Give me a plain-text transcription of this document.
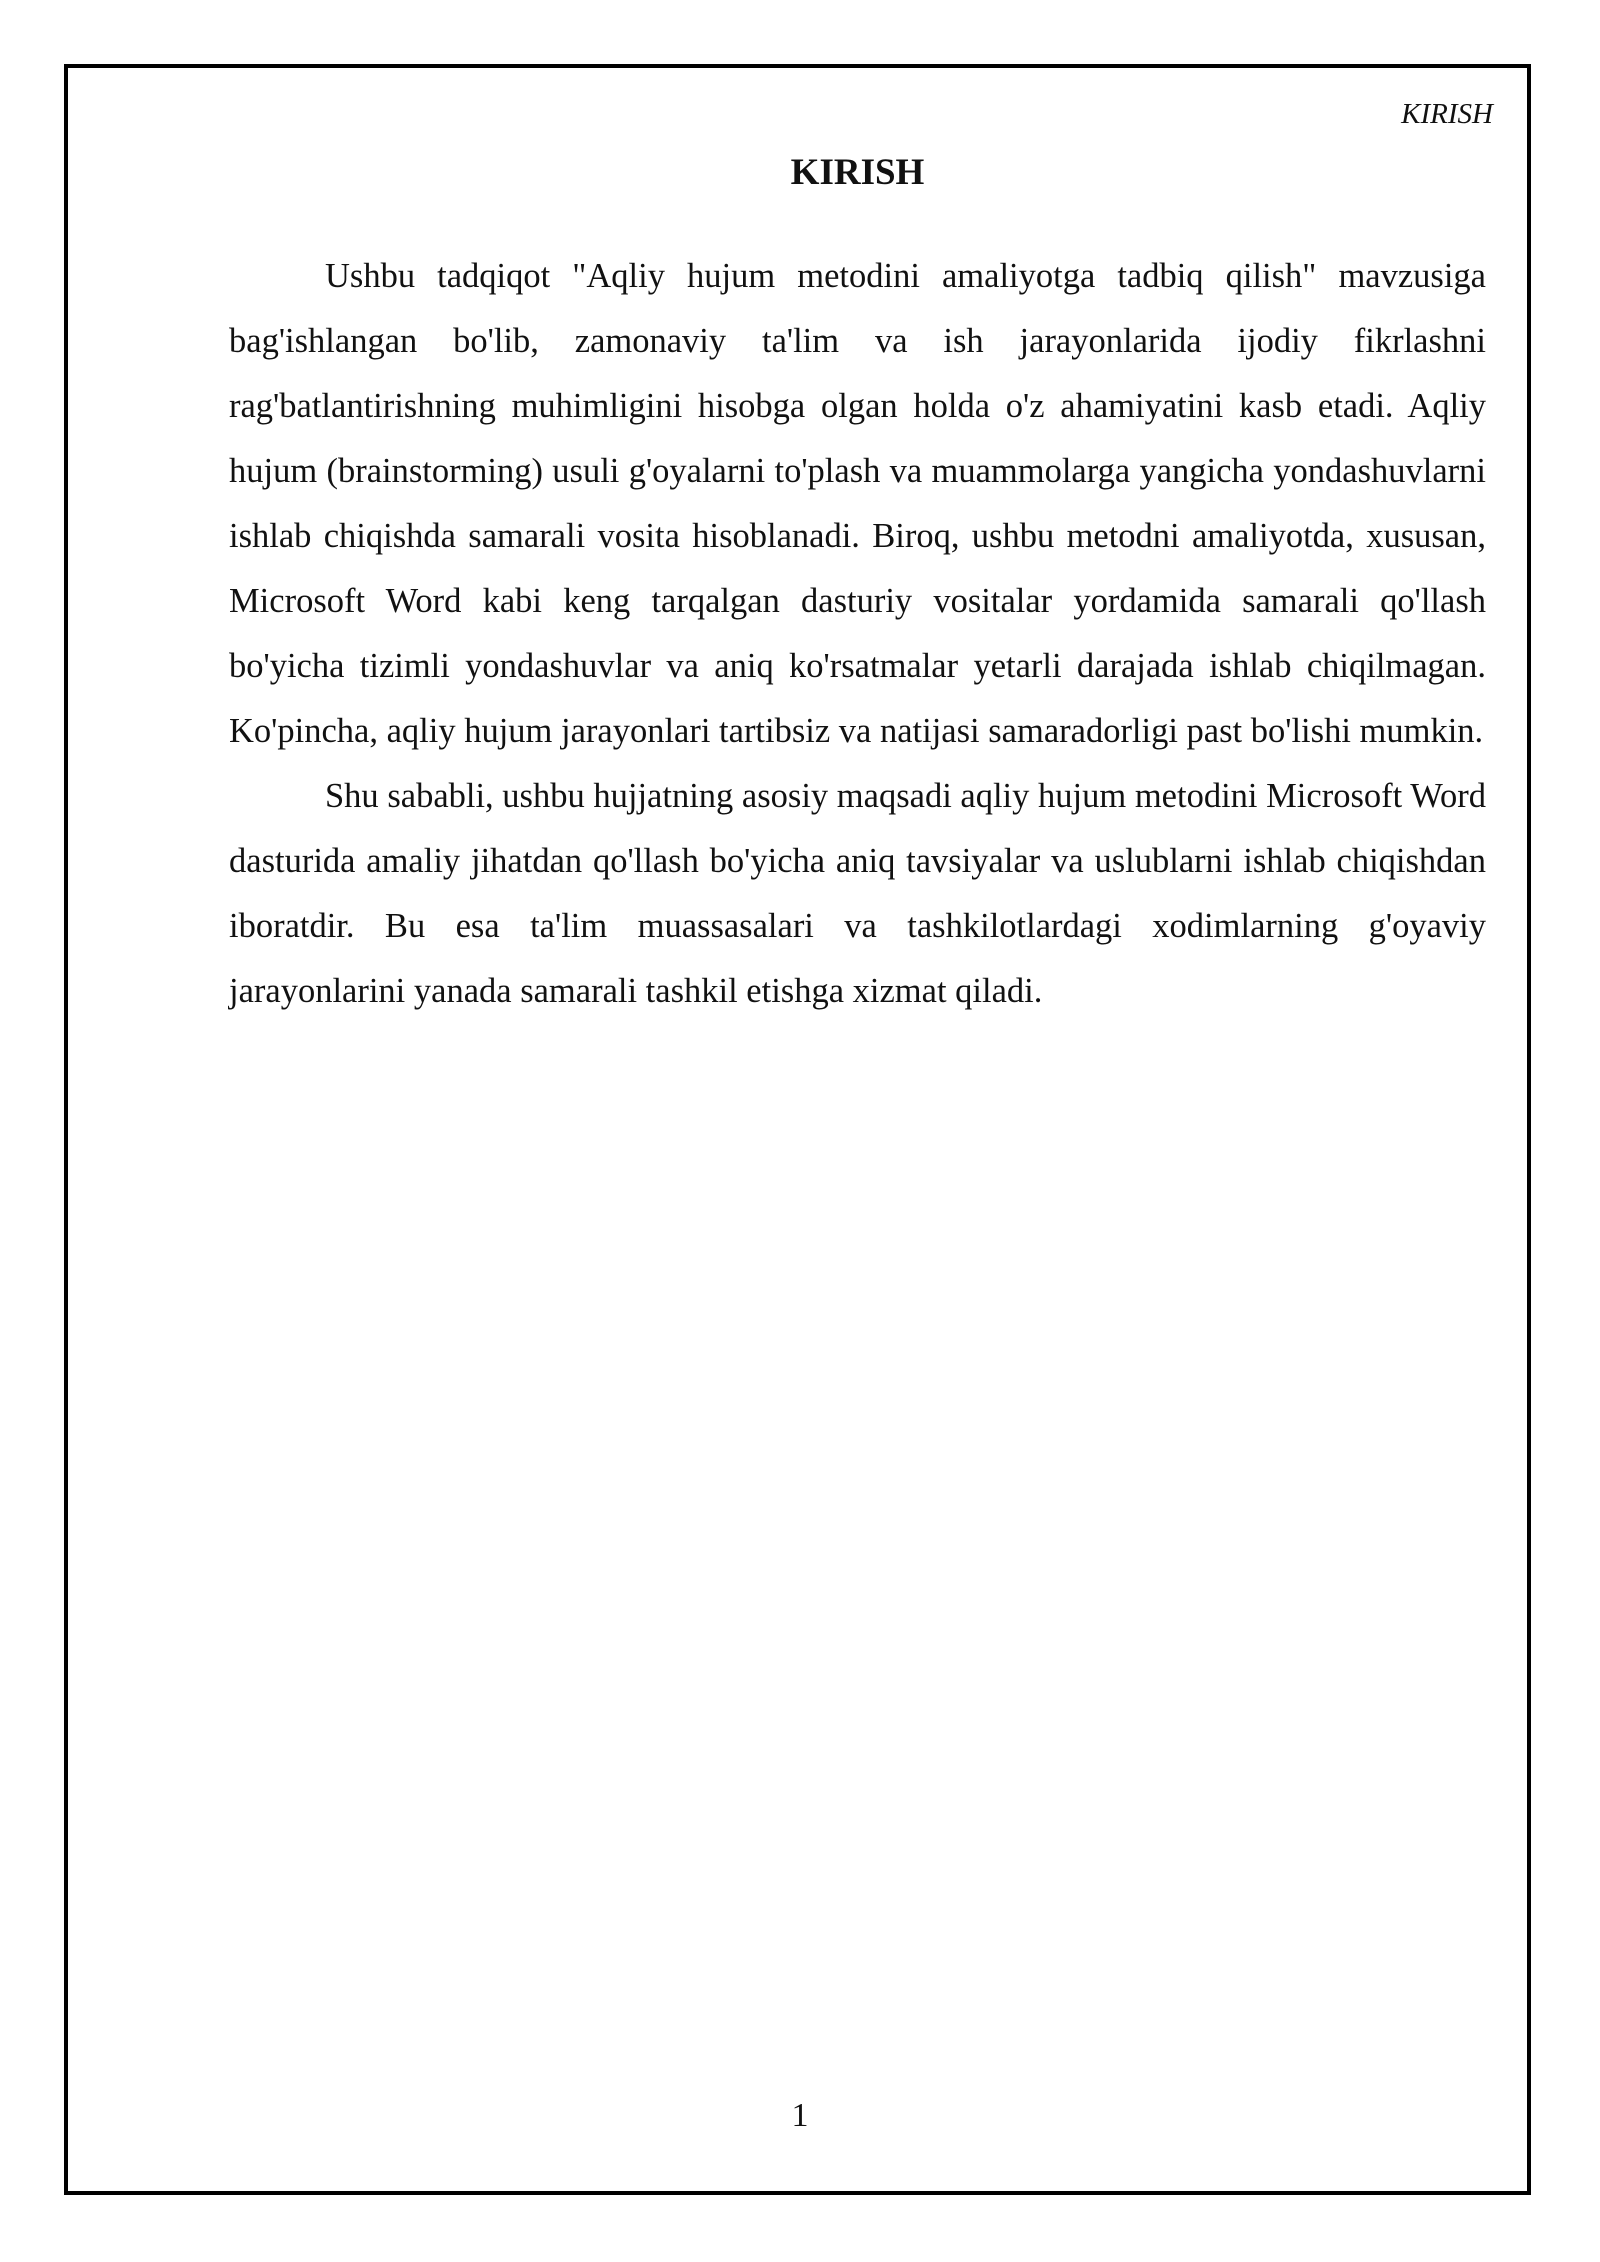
KIRISH
KIRISH

Ushbu tadqiqot "Aqliy hujum metodini amaliyotga tadbiq qilish" mavzusiga bag'ishlangan bo'lib, zamonaviy ta'lim va ish jarayonlarida ijodiy fikrlashni rag'batlantirishning muhimligini hisobga olgan holda o'z ahamiyatini kasb etadi. Aqliy hujum (brainstorming) usuli g'oyalarni to'plash va muammolarga yangicha yondashuvlarni ishlab chiqishda samarali vosita hisoblanadi. Biroq, ushbu metodni amaliyotda, xususan, Microsoft Word kabi keng tarqalgan dasturiy vositalar yordamida samarali qo'llash bo'yicha tizimli yondashuvlar va aniq ko'rsatmalar yetarli darajada ishlab chiqilmagan. Ko'pincha, aqliy hujum jarayonlari tartibsiz va natijasi samaradorligi past bo'lishi mumkin.

Shu sababli, ushbu hujjatning asosiy maqsadi aqliy hujum metodini Microsoft Word dasturida amaliy jihatdan qo'llash bo'yicha aniq tavsiyalar va uslublarni ishlab chiqishdan iboratdir. Bu esa ta'lim muassasalari va tashkilotlardagi xodimlarning g'oyaviy jarayonlarini yanada samarali tashkil etishga xizmat qiladi.

1
